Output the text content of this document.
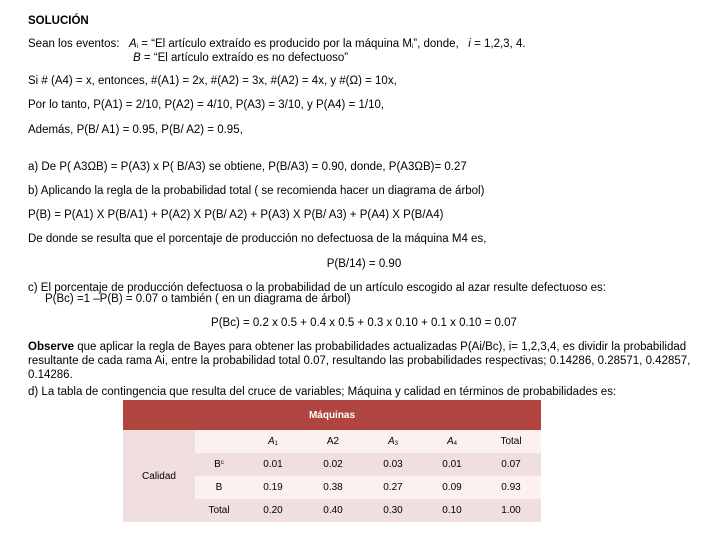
SOLUCIÓN
Sean los eventos: $A_i$ = “El artículo extraído es producido por la máquina $M_i$”, donde, i = 1,2,3, 4.
B = “El artículo extraído es no defectuoso”
Si # (A4) = x, entonces, #(A1) = 2x, #(A2) = 3x, #(A2) = 4x, y #(Ω) = 10x,
Por lo tanto, P(A1) = 2/10, P(A2) = 4/10, P(A3) = 3/10, y P(A4) = 1/10,
Además, P(B/ A1) = 0.95, P(B/ A2) = 0.95,
a) De P( A3ΩB) = P(A3) x P( B/A3) se obtiene, P(B/A3) = 0.90, donde, P(A3ΩB)= 0.27
b) Aplicando la regla de la probabilidad total ( se recomienda hacer un diagrama de árbol)
P(B) = P(A1) X P(B/A1) + P(A2) X P(B/ A2) + P(A3) X P(B/ A3) + P(A4) X P(B/A4)
De donde se resulta que el porcentaje de producción no defectuosa de la máquina M4 es,
P(B/14) = 0.90
c) El porcentaje de producción defectuosa o la probabilidad de un artículo escogido al azar resulte defectuoso es:
P(Bc) =1 –P(B) = 0.07 o también ( en un diagrama de árbol)
P(Bc) = 0.2 x 0.5 + 0.4 x 0.5 + 0.3 x 0.10 + 0.1 x 0.10 = 0.07
Observe que aplicar la regla de Bayes para obtener las probabilidades actualizadas P(Ai/Bc), i= 1,2,3,4, es dividir la probabilidad resultante de cada rama Ai, entre la probabilidad total 0.07, resultando las probabilidades respectivas; 0.14286, 0.28571, 0.42857, 0.14286.
d) La tabla de contingencia que resulta del cruce de variables; Máquina y calidad en términos de probabilidades es:
Máquinas						
Calidad		$A_1$	A2	$A_3$	$A_4$	Total
	$B^c$	0.01	0.02	0.03	0.01	0.07
	B	0.19	0.38	0.27	0.09	0.93
	Total	0.20	0.40	0.30	0.10	1.00
